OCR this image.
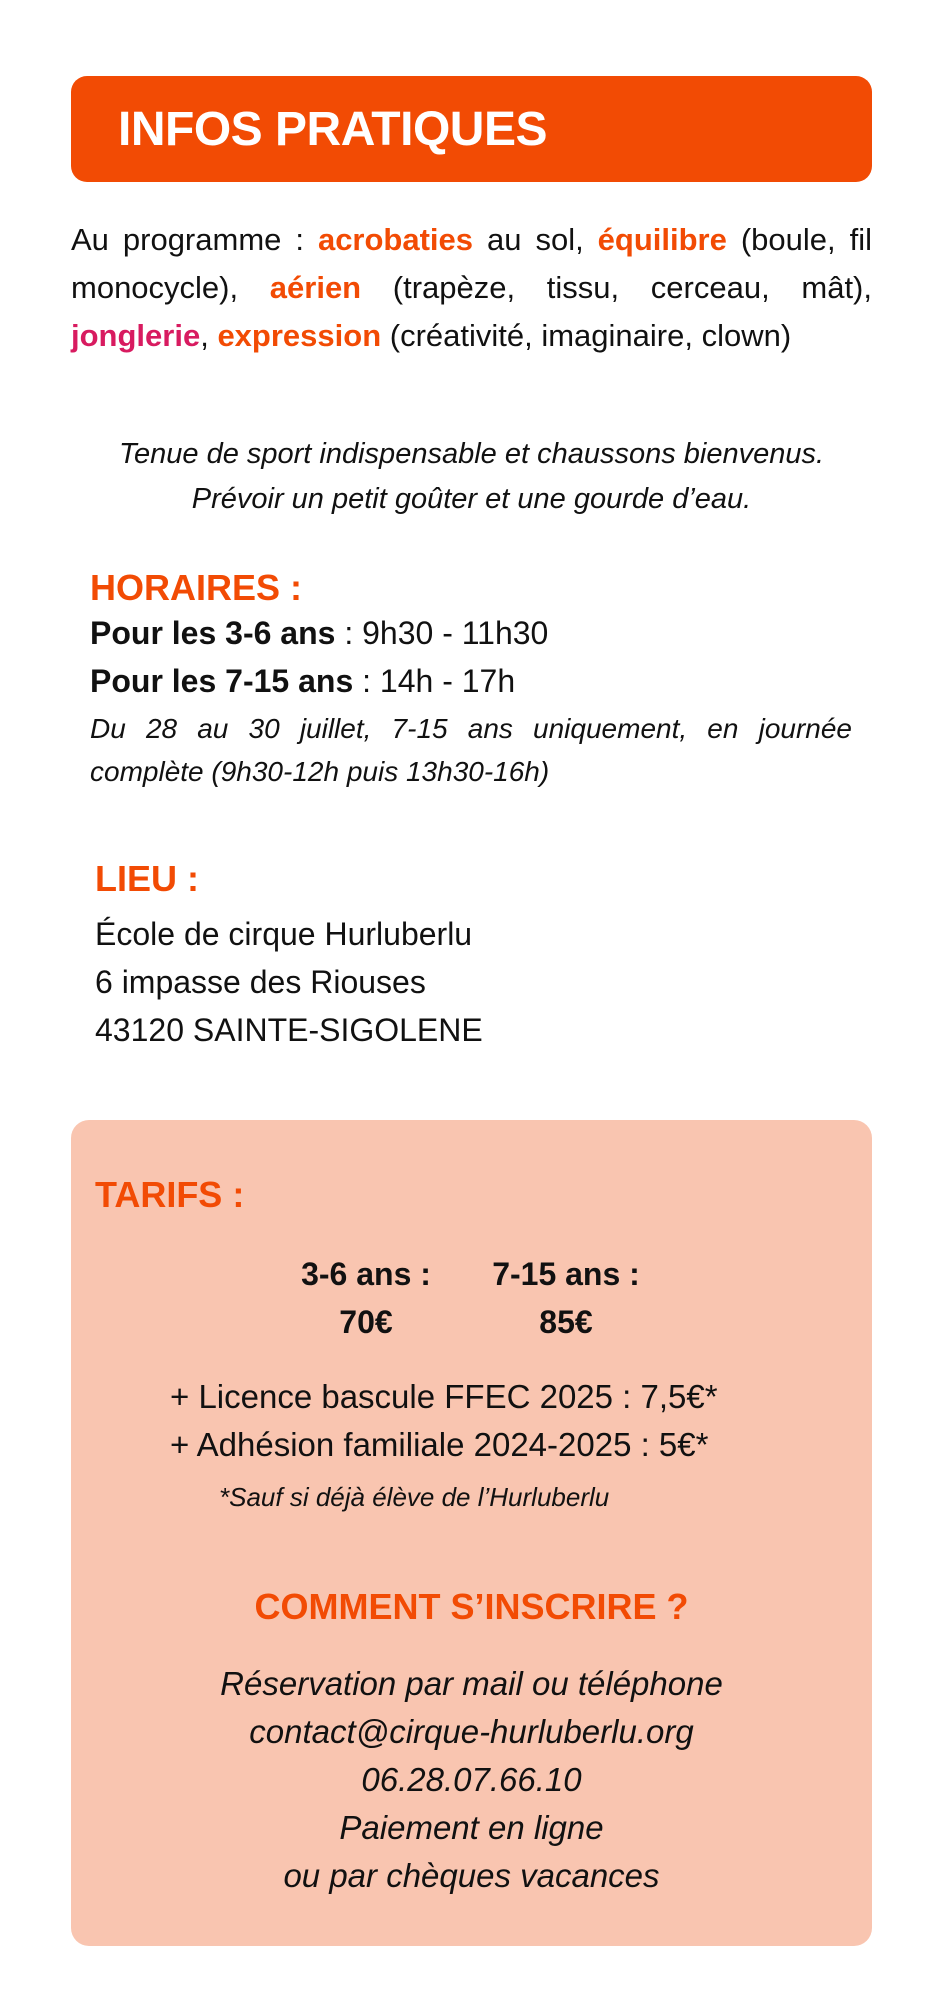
INFOS PRATIQUES

Au programme : acrobaties au sol, équilibre (boule, fil monocycle), aérien (trapèze, tissu, cerceau, mât), jonglerie, expression (créativité, imaginaire, clown)

Tenue de sport indispensable et chaussons bienvenus.
Prévoir un petit goûter et une gourde d’eau.

HORAIRES :
Pour les 3-6 ans : 9h30 - 11h30
Pour les 7-15 ans : 14h - 17h
Du 28 au 30 juillet, 7-15 ans uniquement, en journée complète (9h30-12h puis 13h30-16h)
LIEU :
École de cirque Hurluberlu
6 impasse des Riouses
43120 SAINTE-SIGOLENE
TARIFS :
3-6 ans :
70€
7-15 ans :
85€
+ Licence bascule FFEC 2025 : 7,5€*
+ Adhésion familiale 2024-2025 : 5€*
*Sauf si déjà élève de l’Hurluberlu
COMMENT S’INSCRIRE ?
Réservation par mail ou téléphone
contact@cirque-hurluberlu.org
06.28.07.66.10
Paiement en ligne
ou par chèques vacances
